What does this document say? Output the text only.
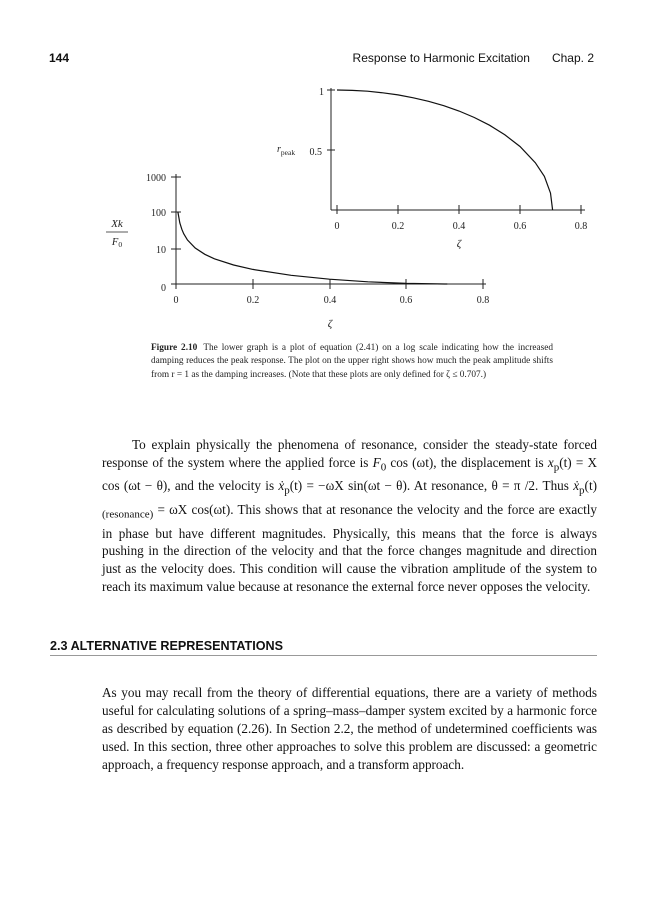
144	Response to Harmonic Excitation Chap. 2
1
0.5
$r_{peak}$
0	0.2	0.4	0.6	0.8
ζ
1000
100
10
0
Xk
F0
0	0.2	0.4	0.6	0.8
ζ
Figure 2.10 The lower graph is a plot of equation (2.41) on a log scale indicating how the increased damping reduces the peak response. The plot on the upper right shows how much the peak amplitude shifts from r = 1 as the damping increases. (Note that these plots are only defined for ζ ≤ 0.707.)

To explain physically the phenomena of resonance, consider the steady-state forced response of the system where the applied force is $F_0$ cos (ωt), the displacement is $x_p(t) = X$ cos (ωt − θ), and the velocity is ẋ$_p$(t) = −ωX sin(ωt − θ). At resonance, θ = π /2. Thus $ẋ_p(t)_{(resonance)} = \omega X$ cos(ωt). This shows that at resonance the velocity and the force are exactly in phase but have different magnitudes. Physically, this means that the force is always pushing in the direction of the velocity and that the force changes magnitude and direction just as the velocity does. This condition will cause the vibration amplitude of the system to reach its maximum value because at resonance the external force never opposes the velocity.

2.3 ALTERNATIVE REPRESENTATIONS

As you may recall from the theory of differential equations, there are a variety of methods useful for calculating solutions of a spring–mass–damper system excited by a harmonic force as described by equation (2.26). In Section 2.2, the method of undetermined coefficients was used. In this section, three other approaches to solve this problem are discussed: a geometric approach, a frequency response approach, and a transform approach.
